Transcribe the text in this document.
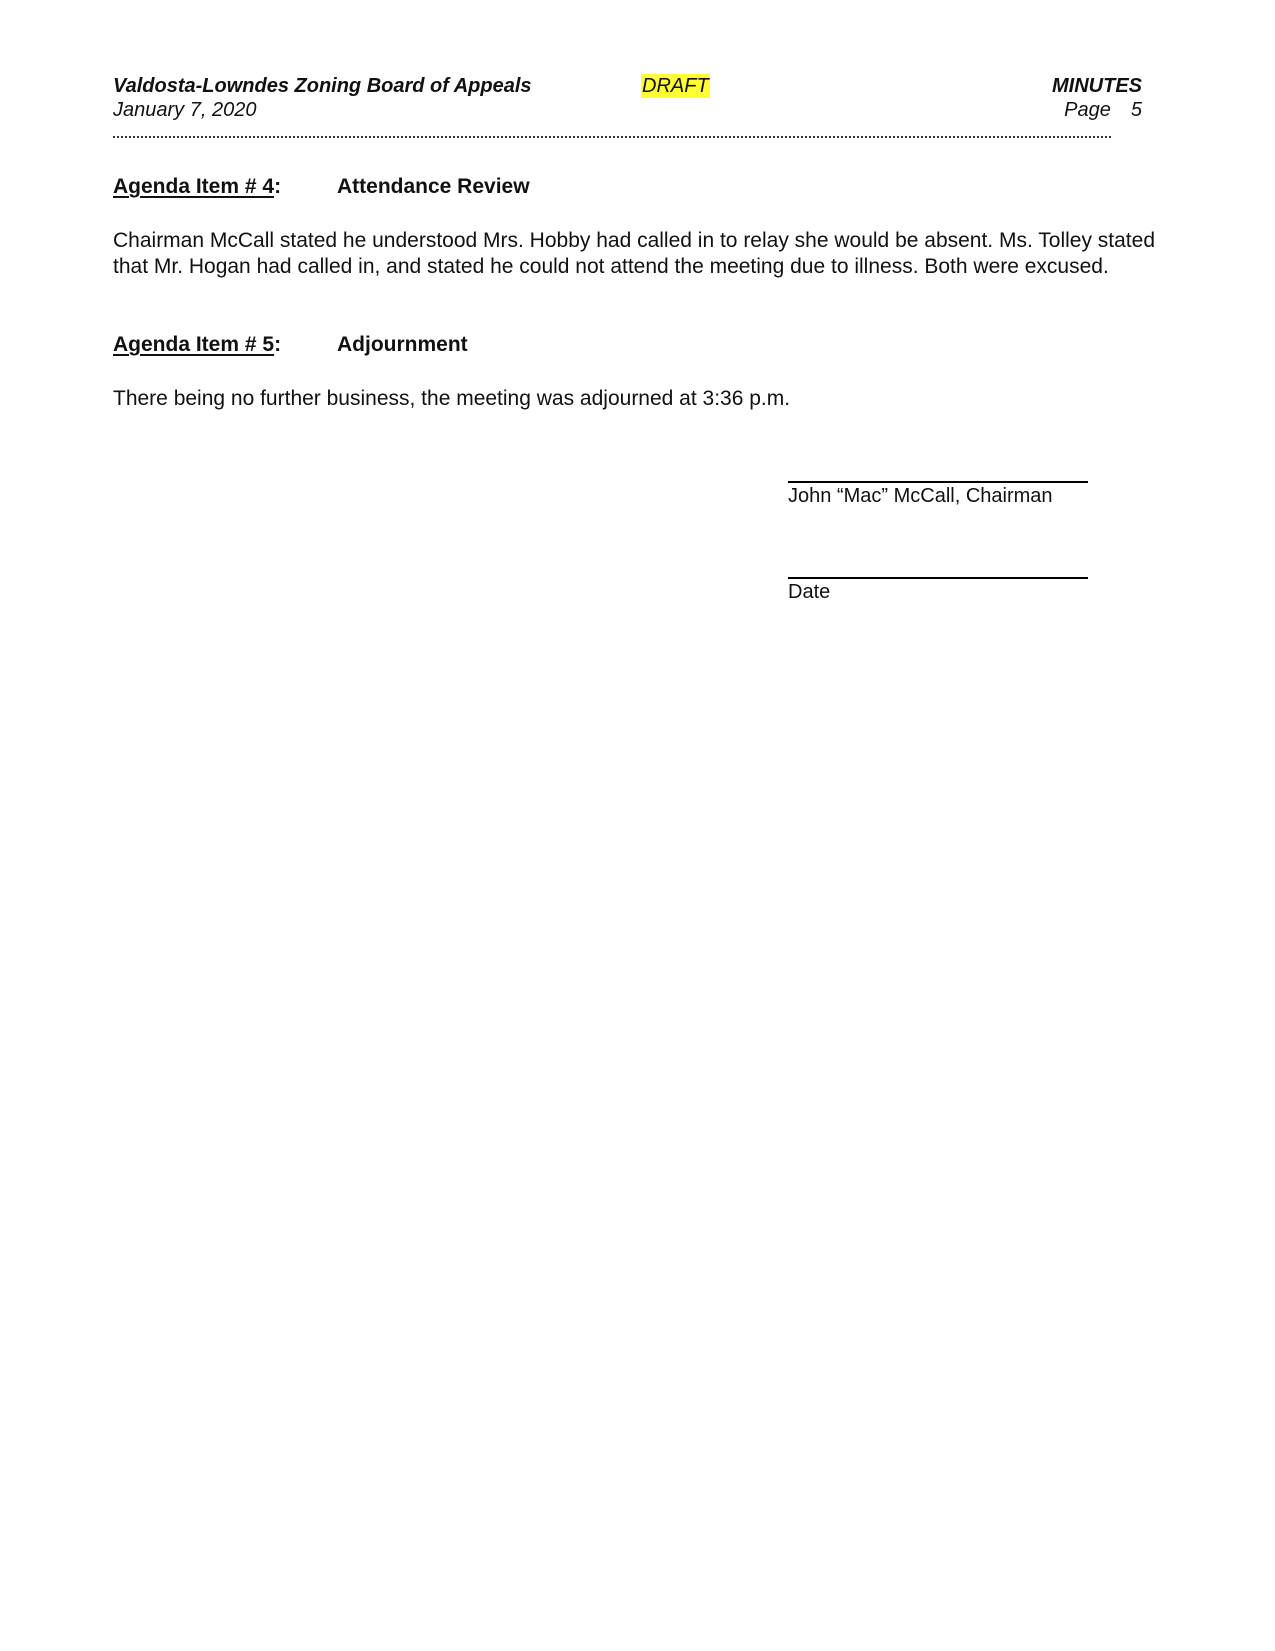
Valdosta-Lowndes Zoning Board of Appeals
January 7, 2020
DRAFT	MINUTES
Page 5
Agenda Item # 4:	Attendance Review
Chairman McCall stated he understood Mrs. Hobby had called in to relay she would be absent. Ms. Tolley stated that Mr. Hogan had called in, and stated he could not attend the meeting due to illness. Both were excused.
Agenda Item # 5:	Adjournment
There being no further business, the meeting was adjourned at 3:36 p.m.
John “Mac” McCall, Chairman
Date
